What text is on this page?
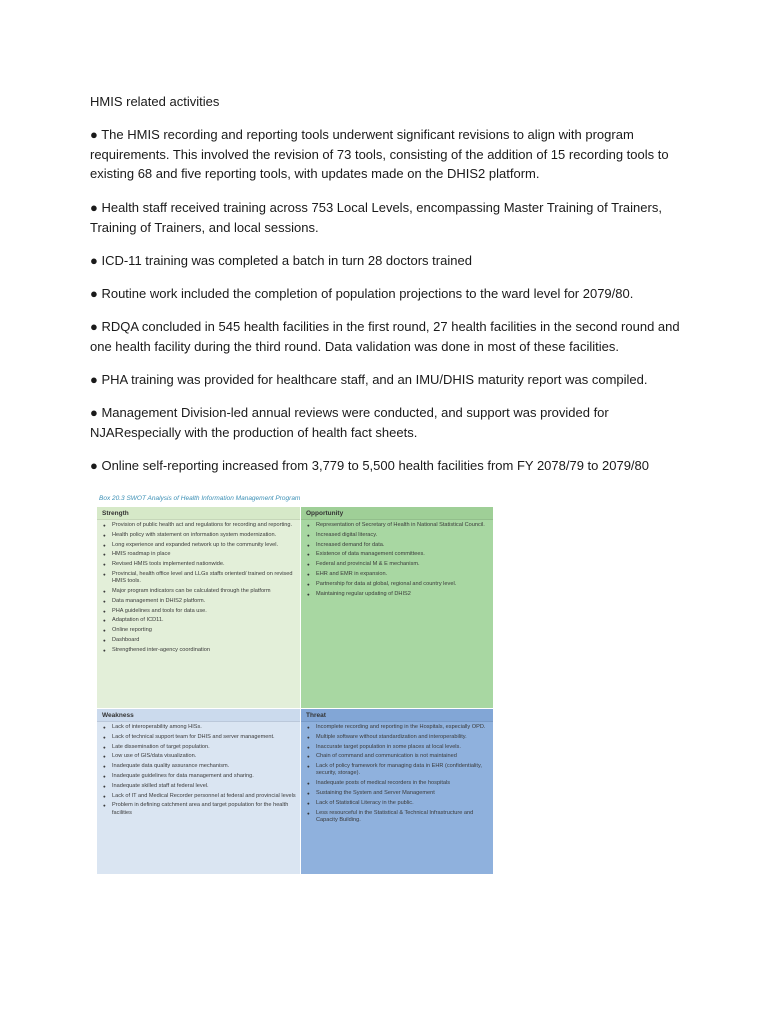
HMIS related activities

● The HMIS recording and reporting tools underwent significant revisions to align with program requirements. This involved the revision of 73 tools, consisting of the addition of 15 recording tools to existing 68 and five reporting tools, with updates made on the DHIS2 platform.

● Health staff received training across 753 Local Levels, encompassing Master Training of Trainers, Training of Trainers, and local sessions.

● ICD-11 training was completed a batch in turn 28 doctors trained

● Routine work included the completion of population projections to the ward level for 2079/80.

● RDQA concluded in 545 health facilities in the first round, 27 health facilities in the second round and one health facility during the third round. Data validation was done in most of these facilities.

● PHA training was provided for healthcare staff, and an IMU/DHIS maturity report was compiled.

● Management Division-led annual reviews were conducted, and support was provided for NJARespecially with the production of health fact sheets.

● Online self-reporting increased from 3,779 to 5,500 health facilities from FY 2078/79 to 2079/80

Box 20.3 SWOT Analysis of Health Information Management Program
Strength
● Provision of public health act and regulations for recording and reporting.
● Health policy with statement on information system modernization.
● Long experience and expanded network up to the community level.
● HMIS roadmap in place
● Revised HMIS tools implemented nationwide.
● Provincial, health office level and LLGs staffs oriented/ trained on revised HMIS tools.
● Major program indicators can be calculated through the platform
● Data management in DHIS2 platform.
● PHA guidelines and tools for data use.
● Adaptation of ICD11.
● Online reporting
● Dashboard
● Strengthened inter-agency coordination
Opportunity
● Representation of Secretary of Health in National Statistical Council.
● Increased digital literacy.
● Increased demand for data.
● Existence of data management committees.
● Federal and provincial M & E mechanism.
● EHR and EMR in expansion.
● Partnership for data at global, regional and country level.
● Maintaining regular updating of DHIS2
Weakness
● Lack of interoperability among HISs.
● Lack of technical support team for DHIS and server management.
● Late dissemination of target population.
● Low use of GIS/data visualization.
● Inadequate data quality assurance mechanism.
● Inadequate guidelines for data management and sharing.
● Inadequate skilled staff at federal level.
● Lack of IT and Medical Recorder personnel at federal and provincial levels
● Problem in defining catchment area and target population for the health facilities
Threat
● Incomplete recording and reporting in the Hospitals, especially OPD.
● Multiple software without standardization and interoperability.
● Inaccurate target population in some places at local levels.
● Chain of command and communication is not maintained
● Lack of policy framework for managing data in EHR (confidentiality, security, storage).
● Inadequate posts of medical recorders in the hospitals
● Sustaining the System and Server Management
● Lack of Statistical Literacy in the public.
● Less resourceful in the Statistical & Technical Infrastructure and Capacity Building.
